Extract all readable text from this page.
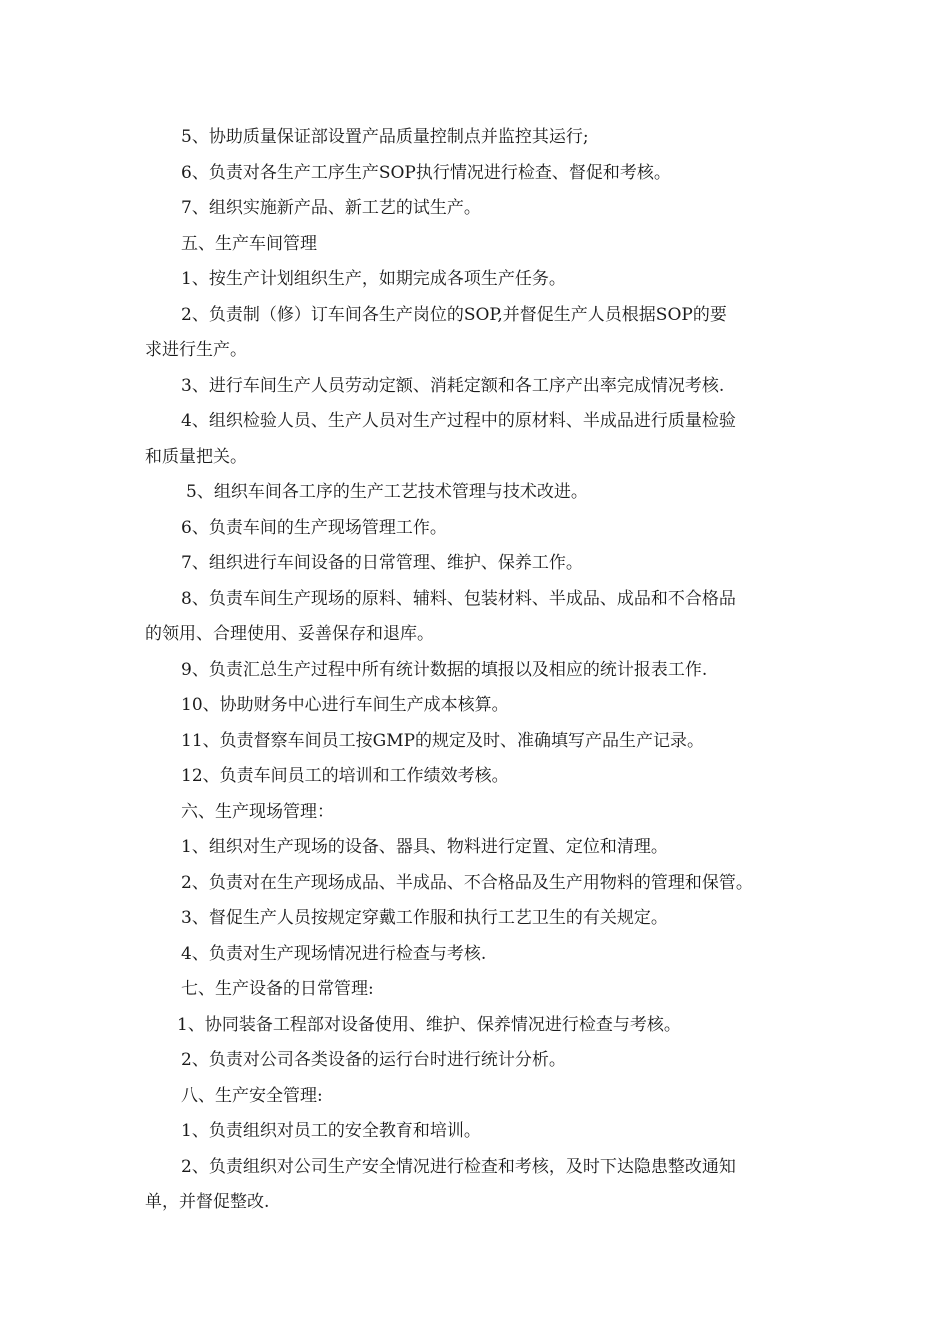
5、协助质量保证部设置产品质量控制点并监控其运行;
6、负责对各生产工序生产SOP执行情况进行检查、督促和考核。
7、组织实施新产品、新工艺的试生产。
五、生产车间管理
1、按生产计划组织生产，如期完成各项生产任务。
2、负责制（修）订车间各生产岗位的SOP,并督促生产人员根据SOP的要
求进行生产。
3、进行车间生产人员劳动定额、消耗定额和各工序产出率完成情况考核.
4、组织检验人员、生产人员对生产过程中的原材料、半成品进行质量检验
和质量把关。
5、组织车间各工序的生产工艺技术管理与技术改进。
6、负责车间的生产现场管理工作。
7、组织进行车间设备的日常管理、维护、保养工作。
8、负责车间生产现场的原料、辅料、包装材料、半成品、成品和不合格品
的领用、合理使用、妥善保存和退库。
9、负责汇总生产过程中所有统计数据的填报以及相应的统计报表工作.
10、协助财务中心进行车间生产成本核算。
11、负责督察车间员工按GMP的规定及时、准确填写产品生产记录。
12、负责车间员工的培训和工作绩效考核。
六、生产现场管理：
1、组织对生产现场的设备、器具、物料进行定置、定位和清理。
2、负责对在生产现场成品、半成品、不合格品及生产用物料的管理和保管。
3、督促生产人员按规定穿戴工作服和执行工艺卫生的有关规定。
4、负责对生产现场情况进行检查与考核.
七、生产设备的日常管理:
1、协同装备工程部对设备使用、维护、保养情况进行检查与考核。
2、负责对公司各类设备的运行台时进行统计分析。
八、生产安全管理:
1、负责组织对员工的安全教育和培训。
2、负责组织对公司生产安全情况进行检查和考核，及时下达隐患整改通知
单，并督促整改.
